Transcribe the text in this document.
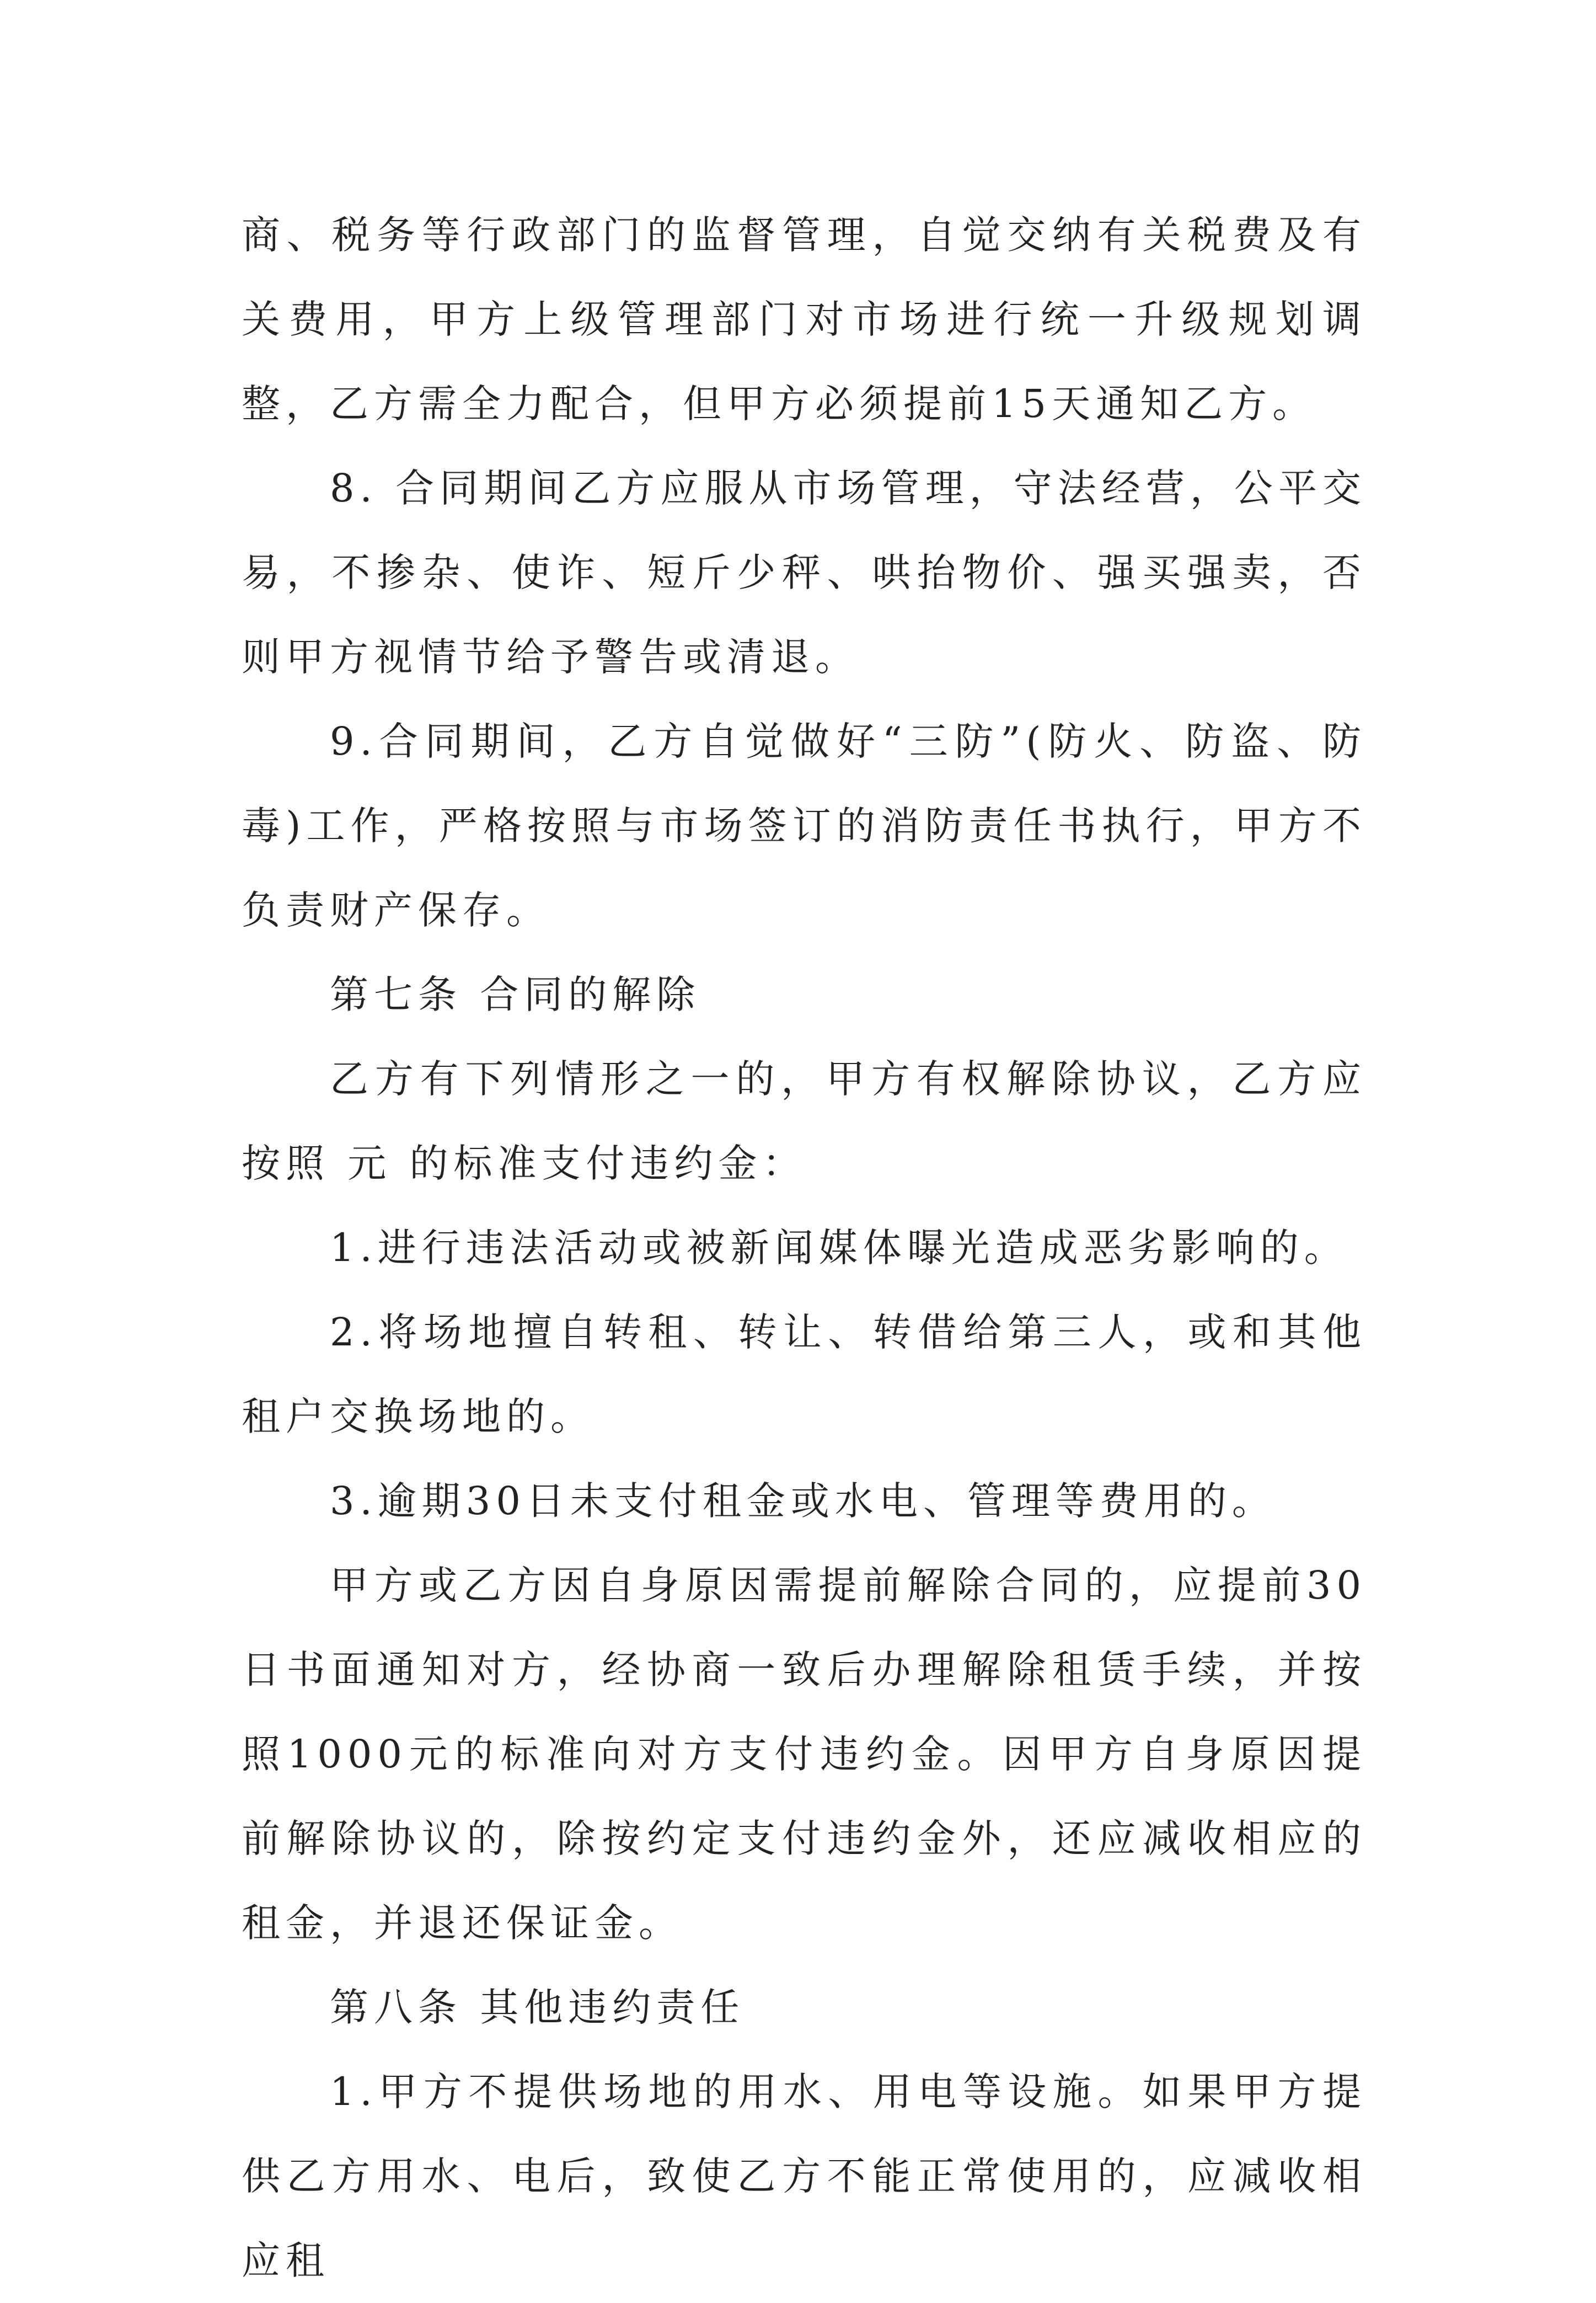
商、税务等行政部门的监督管理，自觉交纳有关税费及有关费用，甲方上级管理部门对市场进行统一升级规划调整，乙方需全力配合，但甲方必须提前15天通知乙方。

8. 合同期间乙方应服从市场管理，守法经营，公平交易，不掺杂、使诈、短斤少秤、哄抬物价、强买强卖，否则甲方视情节给予警告或清退。

9.合同期间，乙方自觉做好“三防”(防火、防盗、防毒)工作，严格按照与市场签订的消防责任书执行，甲方不负责财产保存。

第七条 合同的解除

乙方有下列情形之一的，甲方有权解除协议，乙方应按照 元 的标准支付违约金：

1.进行违法活动或被新闻媒体曝光造成恶劣影响的。

2.将场地擅自转租、转让、转借给第三人，或和其他租户交换场地的。

3.逾期30日未支付租金或水电、管理等费用的。

甲方或乙方因自身原因需提前解除合同的，应提前30日书面通知对方，经协商一致后办理解除租赁手续，并按照1000元的标准向对方支付违约金。因甲方自身原因提前解除协议的，除按约定支付违约金外，还应减收相应的租金，并退还保证金。

第八条 其他违约责任

1.甲方不提供场地的用水、用电等设施。如果甲方提供乙方用水、电后，致使乙方不能正常使用的，应减收相应租
